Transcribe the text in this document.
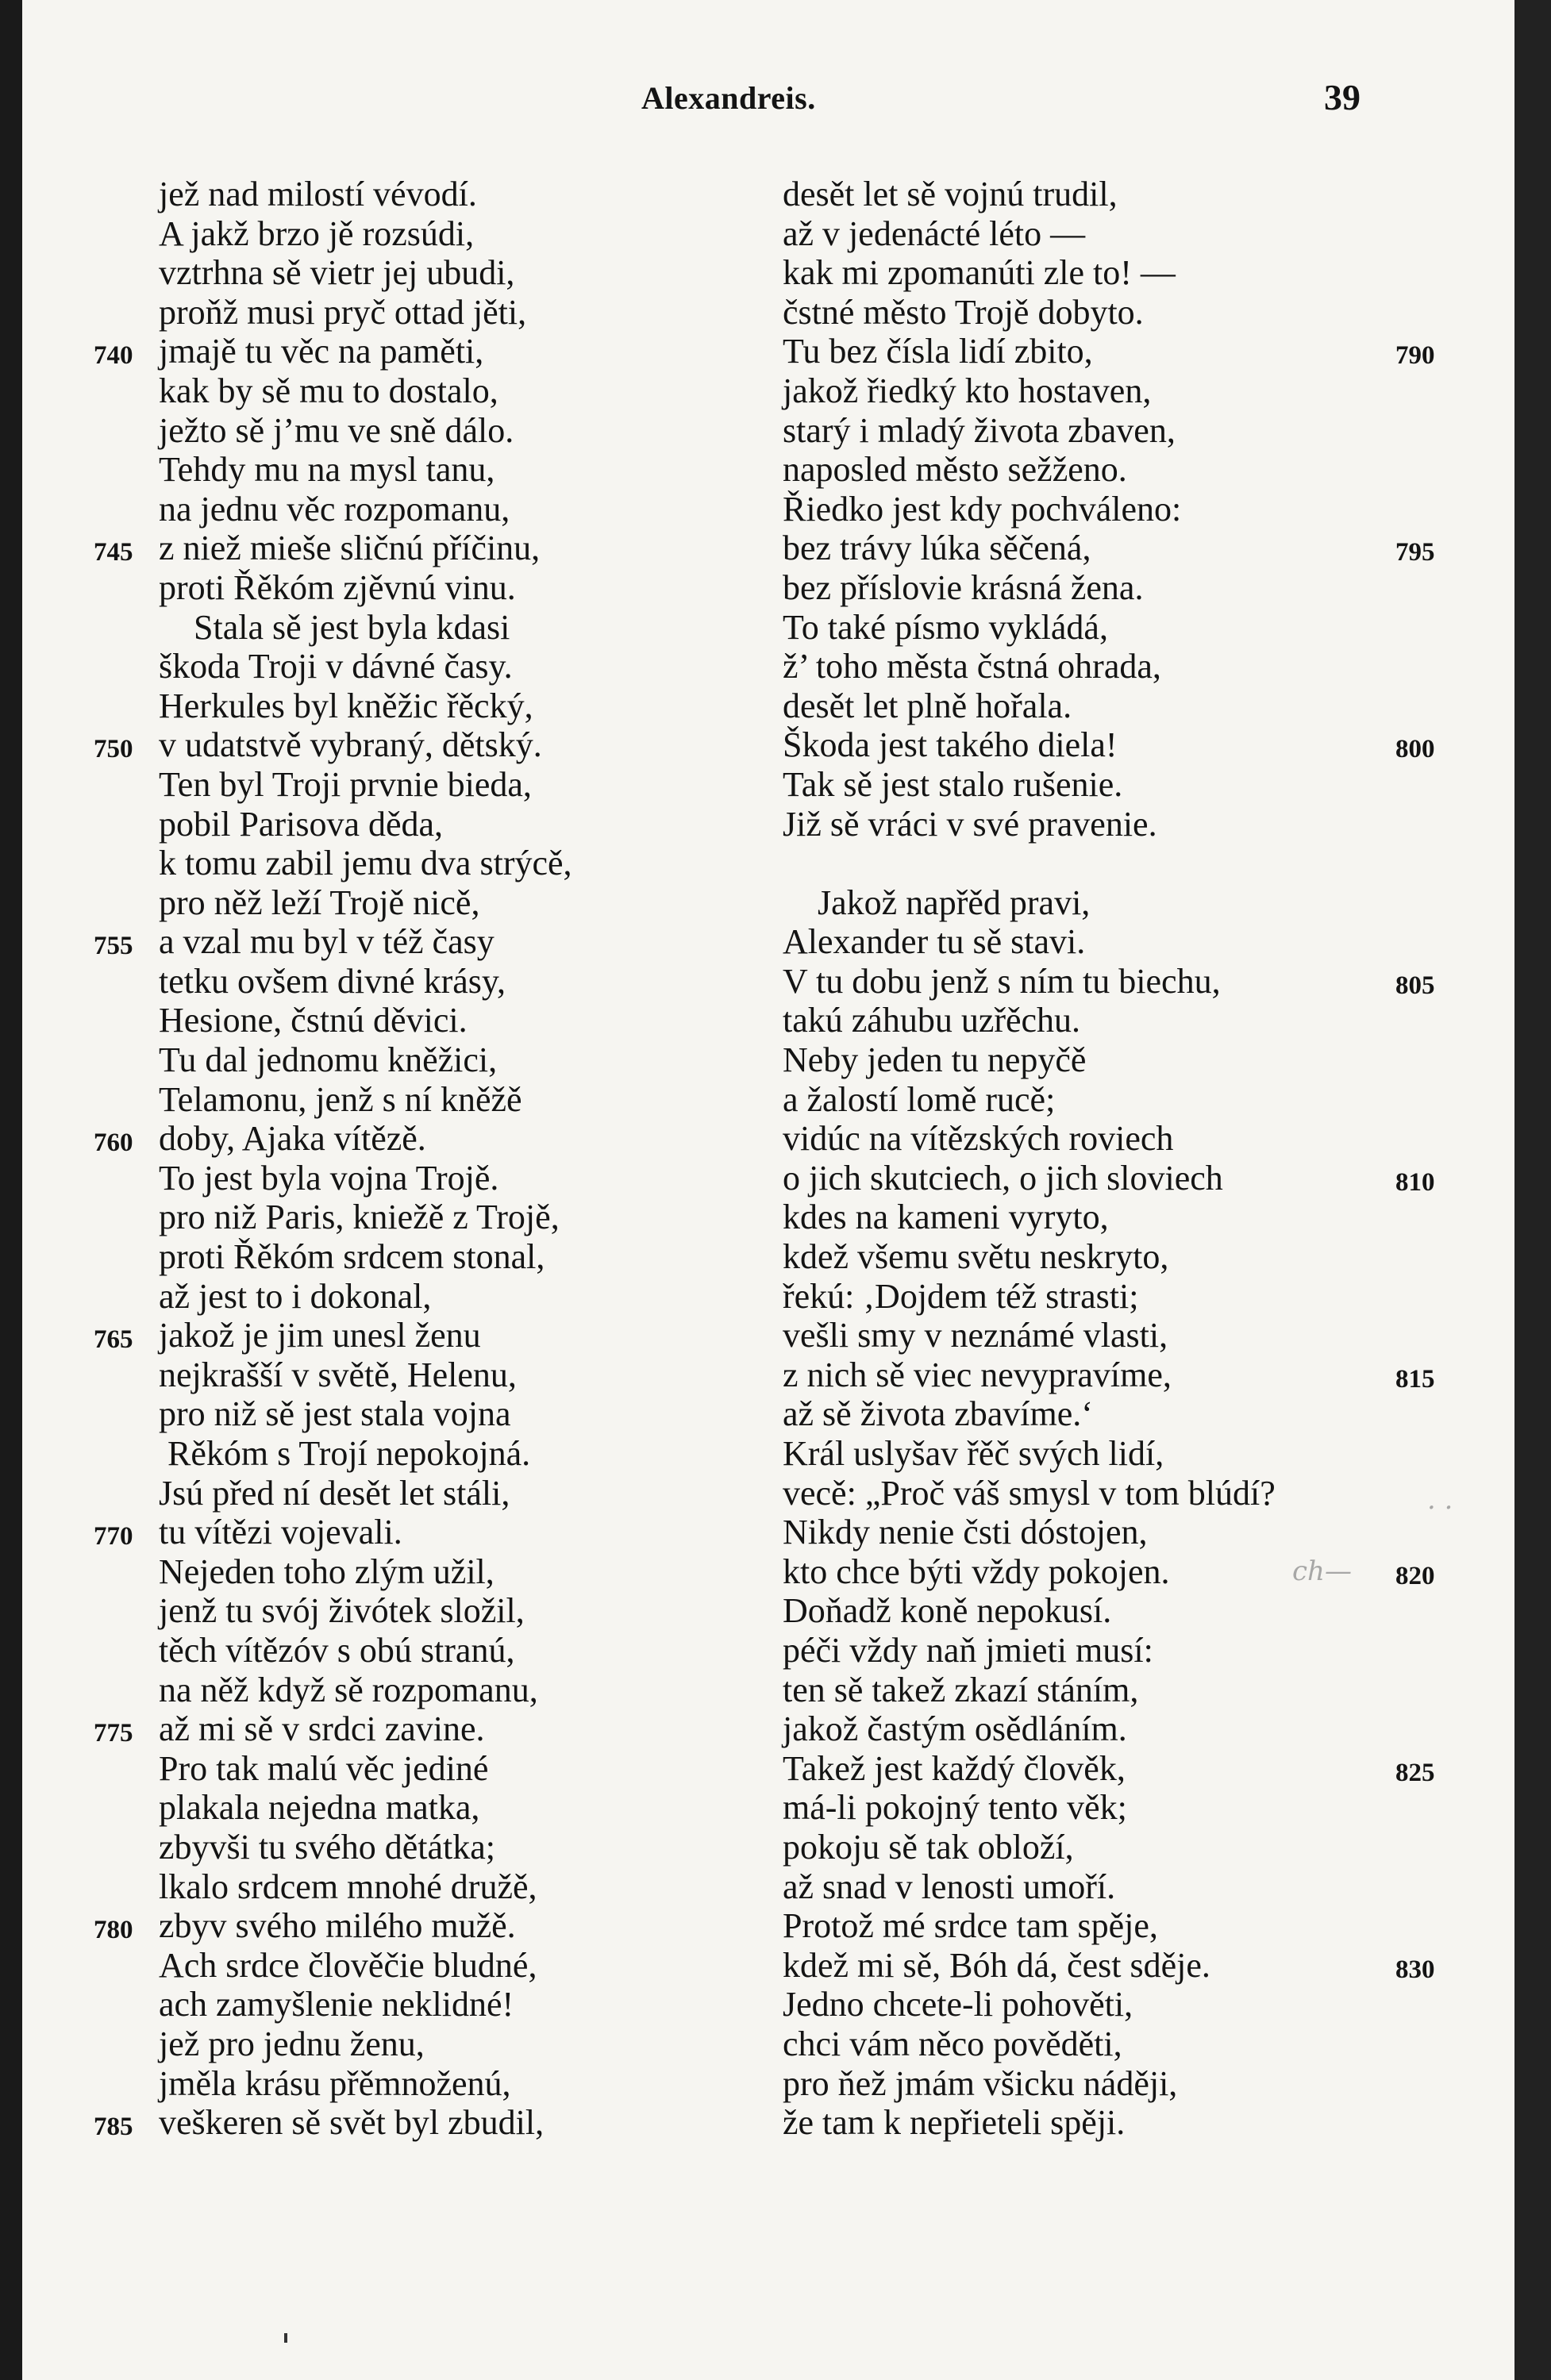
Alexandreis.	39
jež nad milostí vévodí.
A jakž brzo jě rozsúdi,
vztrhna sě vietr jej ubudi,
proňž musi pryč ottad jěti,
jmajě tu věc na paměti,
740
kak by sě mu to dostalo,
ježto sě j’mu ve sně dálo.
Tehdy mu na mysl tanu,
na jednu věc rozpomanu,
z niež mieše sličnú příčinu,
745
proti Řěkóm zjěvnú vinu.
Stala sě jest byla kdasi
škoda Troji v dávné časy.
Herkules byl kněžic řěcký,
v udatstvě vybraný, dětský.
750
Ten byl Troji prvnie bieda,
pobil Parisova děda,
k tomu zabil jemu dva strýcě,
pro něž leží Trojě nicě,
a vzal mu byl v též časy
755
tetku ovšem divné krásy,
Hesione, čstnú děvici.
Tu dal jednomu kněžici,
Telamonu, jenž s ní kněžě
doby, Ajaka vítězě.
760
To jest byla vojna Trojě.
pro niž Paris, kniežě z Trojě,
proti Řěkóm srdcem stonal,
až jest to i dokonal,
jakož je jim unesl ženu
765
nejkrašší v světě, Helenu,
pro niž sě jest stala vojna
Rěkóm s Trojí nepokojná.
Jsú před ní desět let stáli,
tu vítězi vojevali.
770
Nejeden toho zlým užil,
jenž tu svój živótek složil,
těch vítězóv s obú stranú,
na něž když sě rozpomanu,
až mi sě v srdci zavine.
775
Pro tak malú věc jediné
plakala nejedna matka,
zbyvši tu svého dětátka;
lkalo srdcem mnohé družě,
zbyv svého milého mužě.
780
Ach srdce člověčie bludné,
ach zamyšlenie neklidné!
jež pro jednu ženu,
jměla krásu přěmnoženú,
veškeren sě svět byl zbudil,
785
desět let sě vojnú trudil,
až v jedenácté léto —
kak mi zpomanúti zle to! —
čstné město Trojě dobyto.
Tu bez čísla lidí zbito,	790
jakož řiedký kto hostaven,
starý i mladý života zbaven,
naposled město sežženo.
Řiedko jest kdy pochváleno:
bez trávy lúka sěčená,	795
bez příslovie krásná žena.
To také písmo vykládá,
ž’ toho města čstná ohrada,
desět let plně hořala.
Škoda jest takého diela!	800
Tak sě jest stalo rušenie.
Již sě vráci v své pravenie.
Jakož napřěd pravi,
Alexander tu sě stavi.
V tu dobu jenž s ním tu biechu,	805
takú záhubu uzřěchu.
Neby jeden tu nepyčě
a žalostí lomě rucě;
vidúc na vítězských roviech
o jich skutciech, o jich sloviech	810
kdes na kameni vyryto,
kdež všemu světu neskryto,
řekú: ‚Dojdem též strasti;
vešli smy v neznámé vlasti,
z nich sě viec nevypravíme,	815
až sě života zbavíme.‘
Král uslyšav řěč svých lidí,
vecě: „Proč váš smysl v tom blúdí?
Nikdy nenie čsti dóstojen,
kto chce býti vždy pokojen.	820
Doňadž koně nepokusí.
péči vždy naň jmieti musí:
ten sě takež zkazí stáním,
jakož častým osědláním.
Takež jest každý člověk,	825
má-li pokojný tento věk;
pokoju sě tak obloží,
až snad v lenosti umoří.
Protož mé srdce tam spěje,
kdež mi sě, Bóh dá, čest sděje.	830
Jedno chcete-li pohověti,
chci vám něco pověděti,
pro ňež jmám všicku náději,
že tam k nepřieteli spěji.
ch—
· ·
